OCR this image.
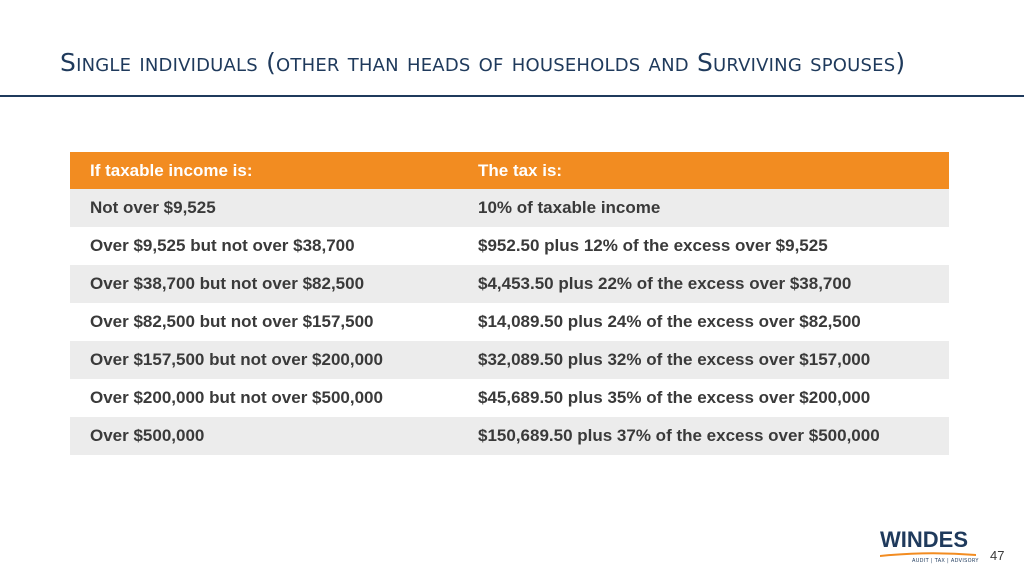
Single individuals (other than heads of households and Surviving spouses)
If taxable income is:	The tax is:
Not over $9,525	10% of taxable income
Over $9,525 but not over $38,700	$952.50 plus 12% of the excess over $9,525
Over $38,700 but not over $82,500	$4,453.50 plus 22% of the excess over $38,700
Over $82,500 but not over $157,500	$14,089.50 plus 24% of the excess over $82,500
Over $157,500 but not over $200,000	$32,089.50 plus 32% of the excess over $157,000
Over $200,000 but not over $500,000	$45,689.50 plus 35% of the excess over $200,000
Over $500,000	$150,689.50 plus 37% of the excess over $500,000
WINDES
AUDIT | TAX | ADVISORY 47
